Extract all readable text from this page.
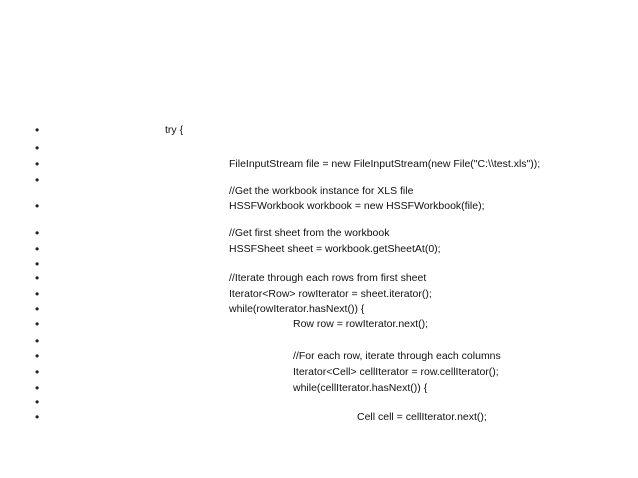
•	try {
•
•	FileInputStream file = new FileInputStream(new File("C:\\test.xls"));
•
//Get the workbook instance for XLS file
•	HSSFWorkbook workbook = new HSSFWorkbook(file);
•	//Get first sheet from the workbook
•	HSSFSheet sheet = workbook.getSheetAt(0);
•
•	//Iterate through each rows from first sheet
•	Iterator<Row> rowIterator = sheet.iterator();
•	while(rowIterator.hasNext()) {
•	Row row = rowIterator.next();
•
•	//For each row, iterate through each columns
•	Iterator<Cell> cellIterator = row.cellIterator();
•	while(cellIterator.hasNext()) {
•
•	Cell cell = cellIterator.next();
